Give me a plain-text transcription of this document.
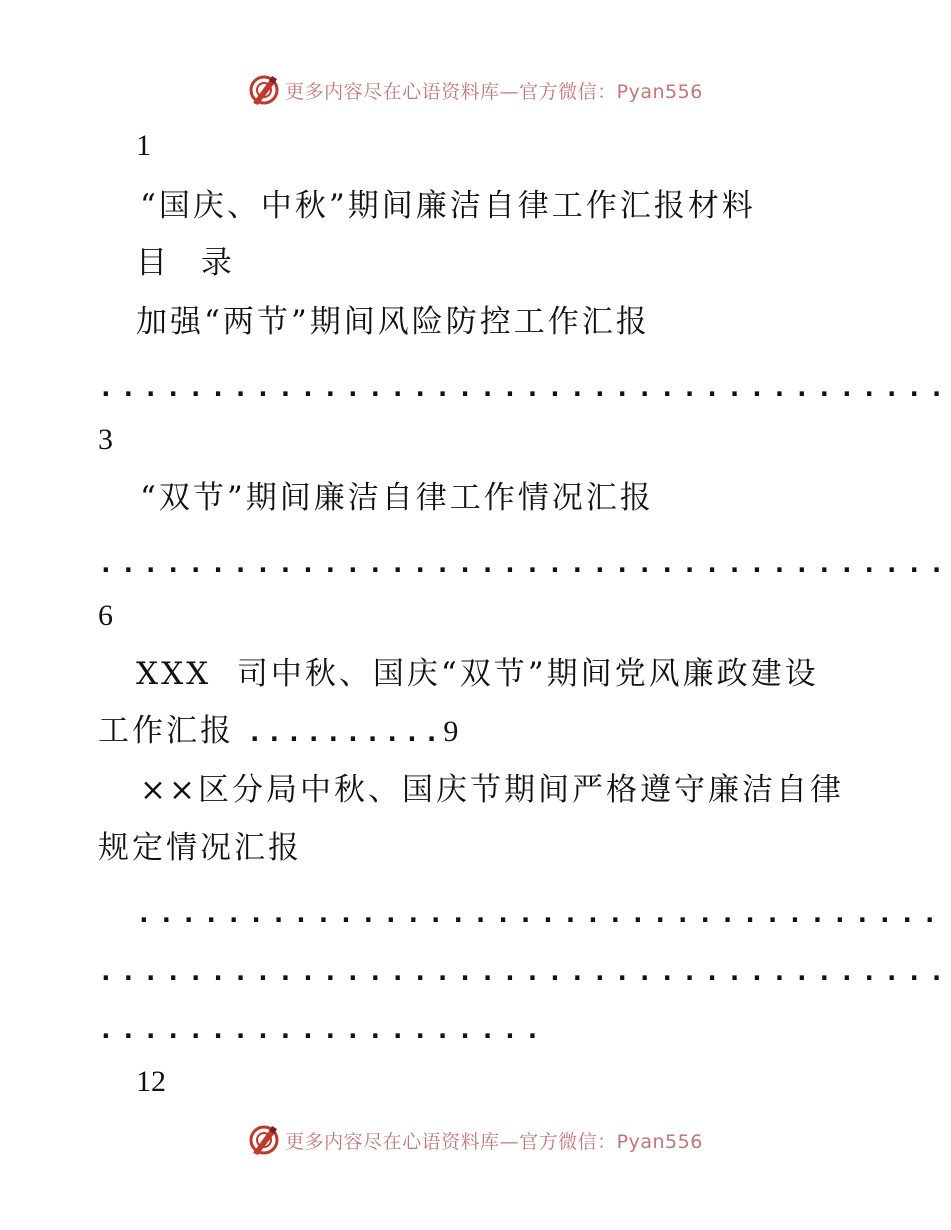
更多内容尽在心语资料库—官方微信：Pyan556
1
“国庆、中秋”期间廉洁自律工作汇报材料
目 录
加强“两节”期间风险防控工作汇报
......................................
3
“双节”期间廉洁自律工作情况汇报
......................................
6
XXX  司中秋、国庆“双节”期间党风廉政建设
工作汇报 ..........9
××区分局中秋、国庆节期间严格遵守廉洁自律
规定情况汇报
....................................
......................................
....................
12
更多内容尽在心语资料库—官方微信：Pyan556
